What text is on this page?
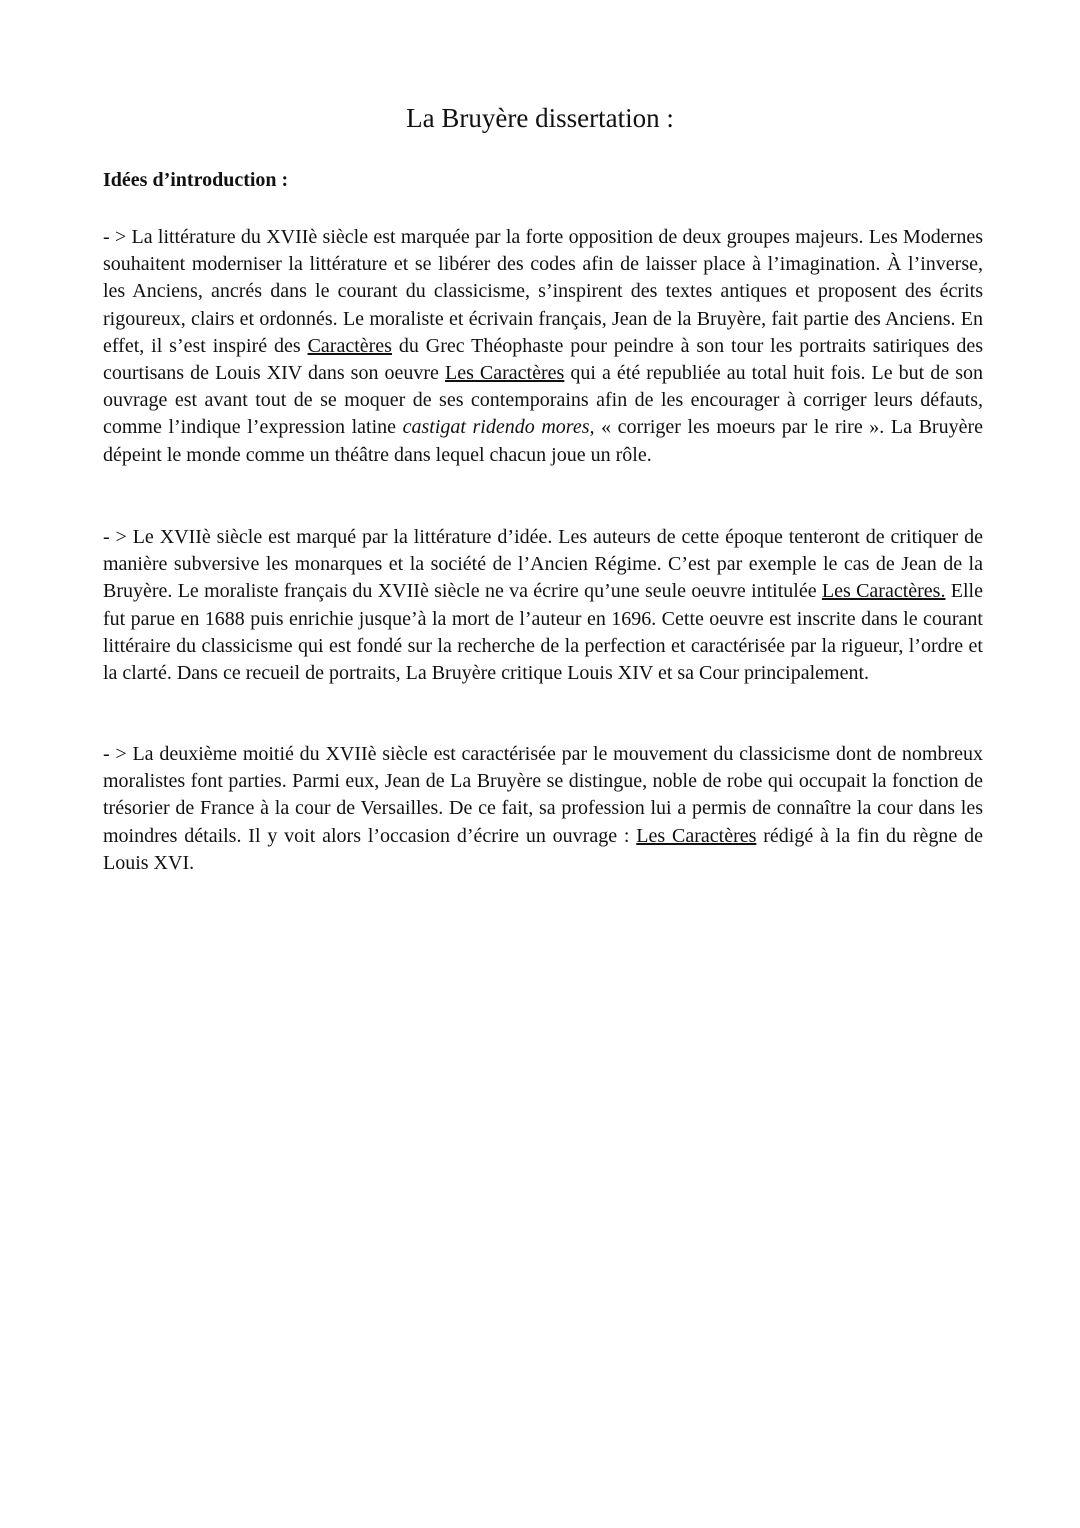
La Bruyère dissertation :

Idées d’introduction :

- > La littérature du XVIIè siècle est marquée par la forte opposition de deux groupes majeurs. Les Modernes souhaitent moderniser la littérature et se libérer des codes afin de laisser place à l’imagination. À l’inverse, les Anciens, ancrés dans le courant du classicisme, s’inspirent des textes antiques et proposent des écrits rigoureux, clairs et ordonnés. Le moraliste et écrivain français, Jean de la Bruyère, fait partie des Anciens. En effet, il s’est inspiré des Caractères du Grec Théophaste pour peindre à son tour les portraits satiriques des courtisans de Louis XIV dans son oeuvre Les Caractères qui a été republiée au total huit fois. Le but de son ouvrage est avant tout de se moquer de ses contemporains afin de les encourager à corriger leurs défauts, comme l’indique l’expression latine castigat ridendo mores, « corriger les moeurs par le rire ». La Bruyère dépeint le monde comme un théâtre dans lequel chacun joue un rôle.

- > Le XVIIè siècle est marqué par la littérature d’idée. Les auteurs de cette époque tenteront de critiquer de manière subversive les monarques et la société de l’Ancien Régime. C’est par exemple le cas de Jean de la Bruyère. Le moraliste français du XVIIè siècle ne va écrire qu’une seule oeuvre intitulée Les Caractères. Elle fut parue en 1688 puis enrichie jusque’à la mort de l’auteur en 1696. Cette oeuvre est inscrite dans le courant littéraire du classicisme qui est fondé sur la recherche de la perfection et caractérisée par la rigueur, l’ordre et la clarté. Dans ce recueil de portraits, La Bruyère critique Louis XIV et sa Cour principalement.

- > La deuxième moitié du XVIIè siècle est caractérisée par le mouvement du classicisme dont de nombreux moralistes font parties. Parmi eux, Jean de La Bruyère se distingue, noble de robe qui occupait la fonction de trésorier de France à la cour de Versailles. De ce fait, sa profession lui a permis de connaître la cour dans les moindres détails. Il y voit alors l’occasion d’écrire un ouvrage : Les Caractères rédigé à la fin du règne de Louis XVI.
